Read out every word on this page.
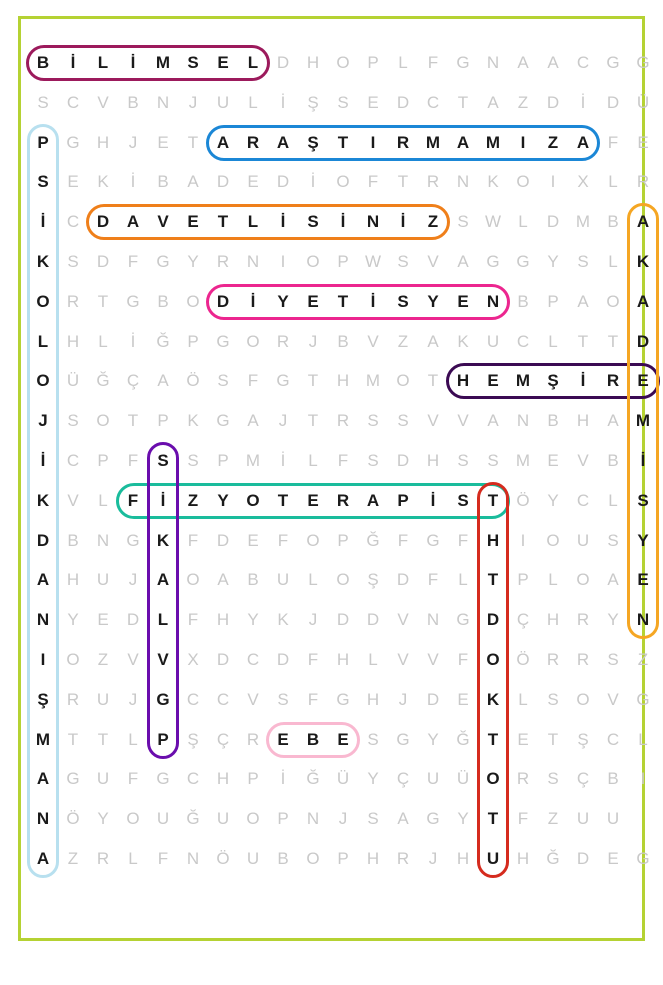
B	İ	L	İ	M	S	E	L	D	H	O	P	L	F	G	N	A	A	C	G G
S	C	V	B	N	J	U	L	İ	Ş	S	E	D	C	T	A	Z	D	İ	D	Ü
P	G	H	J	E	T	A	R	A	Ş	T	I	R M A M	I	Z	A	F	E
S	E	K	İ	B	A	D	E	D	İ	O	F	T	R	N	K	O	I	X	L	R
İ	C	D	A	V	E	T	L	İ	S	İ	N	İ	Z	S W	L	D M	B	A
K	S	D	F	G	Y	R	N	I	O	P W S	V	A	G G	Y	S	L	K
O	R	T	G	B	O	D	İ	Y	E	T	İ	S	Y	E	N	B	P	A	O	A
L	H	L	İ	Ğ	P	G O	R	J	B	V	Z	A	K	U	C	L	T	T	D
O	Ü	Ğ	Ç	A	Ö	S	F	G	T	H M O	T	H	E	M	Ş	İ	R	E
J	S	O	T	P	K	G	A	J	T	R	S	S	V	V	A	N	B	H	A	M
İ	C	P	F	S	S	P	M	İ	L	F	S	D	H	S	S	M	E	V	B	İ
K	V	L	F	İ	Z	Y	O	T	E	R	A	P	İ	S	T	Ö	Y	C	L	S
D	B	N	G	K	F	D	E	F	O	P	Ğ	F	G	F	H	I	O	U	S	Y
A	H	U	J	A	O	A	B	U	L	O	Ş	D	F	L	T	P	L	O	A	E
N	Y	E	D	L	F	H	Y	K	J	D	D	V	N	G	D	Ç	H	R	Y	N
I	O	Z	V	V	X	D	C	D	F	H	L	V	V	F	O Ö	R	R	S	Z
Ş	R	U	J	G	C	C	V	S	F	G	H	J	D	E	K	L	S	O	V	G
M	T	T	L	P	Ş	Ç	R	E	B	E	S	G	Y	Ğ	T	E	T	Ş	C	L
A	G	U	F	G	C	H	P	İ	Ğ	Ü	Y	Ç	U	Ü	O	R	S	Ç	B	I
N	Ö	Y	O	U	Ğ	U	O	P	N	J	S	A	G	Y	T	F	Z	U	U
A	Z	R	L	F	N	Ö	U	B	O	P	H	R	J	H	U	H	Ğ	D	E	G
